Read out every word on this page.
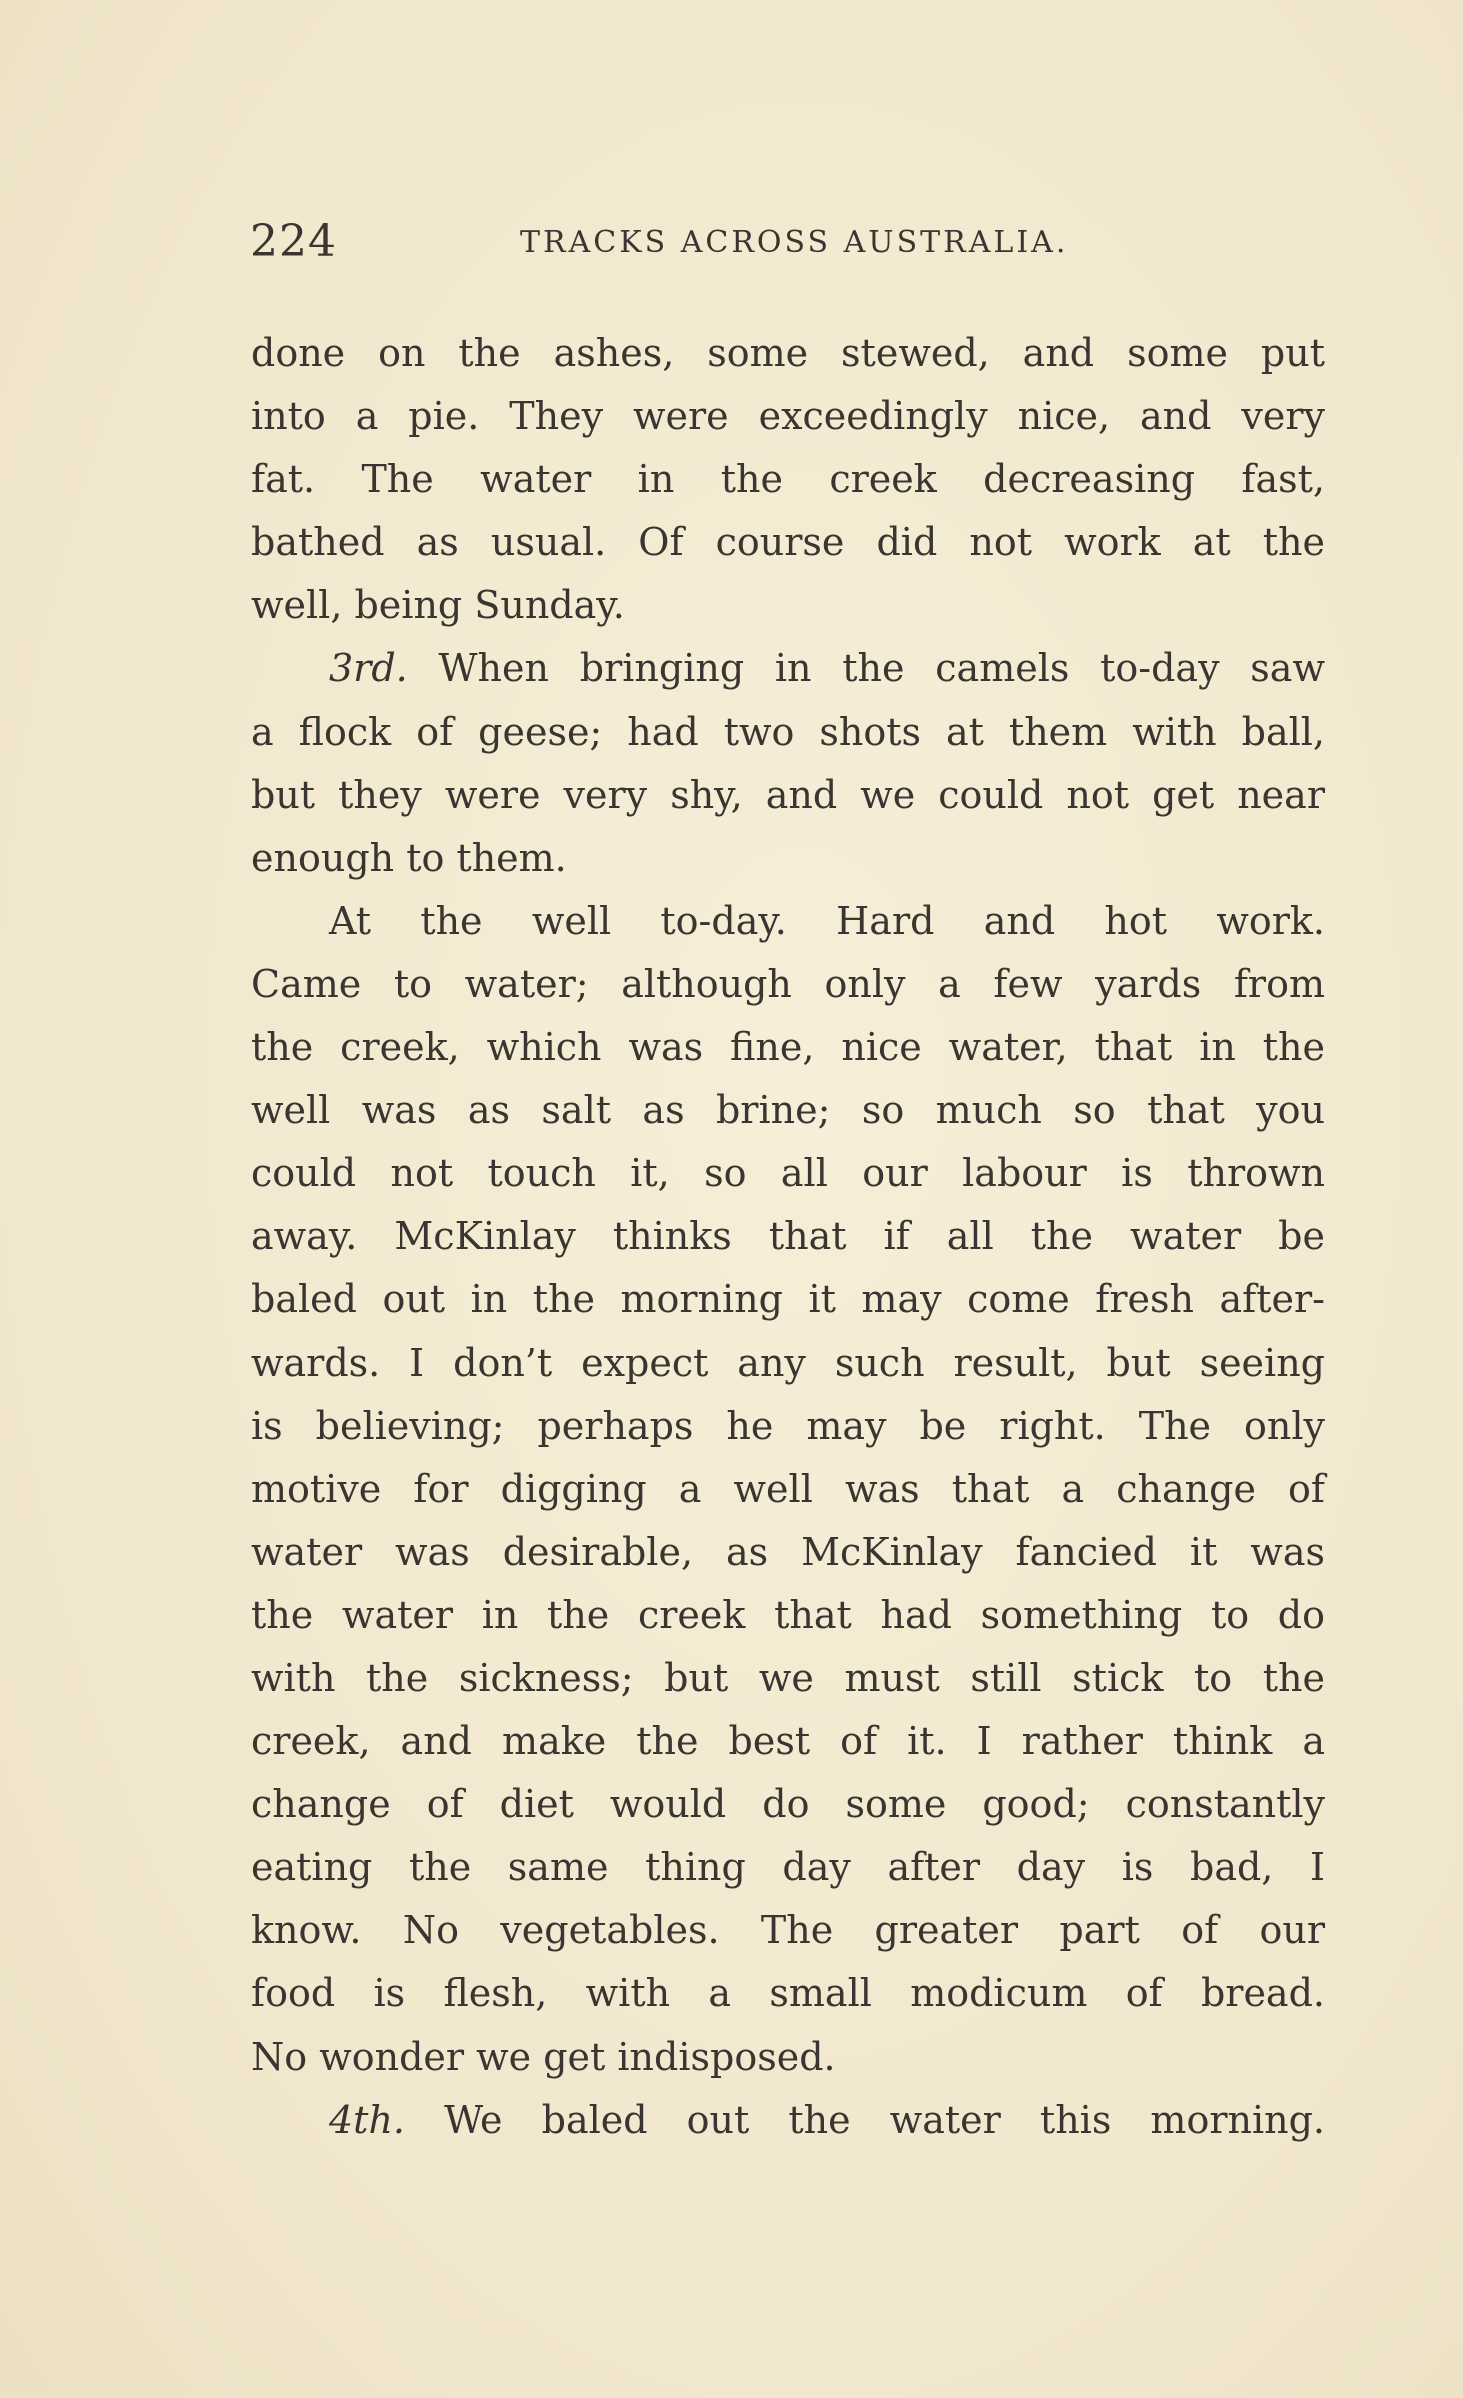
224	TRACKS ACROSS AUSTRALIA.
done on the ashes, some stewed, and some put
into a pie. They were exceedingly nice, and very
fat. The water in the creek decreasing fast,
bathed as usual. Of course did not work at the
well, being Sunday.
3rd. When bringing in the camels to-day saw
a flock of geese; had two shots at them with ball,
but they were very shy, and we could not get near
enough to them.
At the well to-day. Hard and hot work.
Came to water; although only a few yards from
the creek, which was fine, nice water, that in the
well was as salt as brine; so much so that you
could not touch it, so all our labour is thrown
away. McKinlay thinks that if all the water be
baled out in the morning it may come fresh after-
wards. I don’t expect any such result, but seeing
is believing; perhaps he may be right. The only
motive for digging a well was that a change of
water was desirable, as McKinlay fancied it was
the water in the creek that had something to do
with the sickness; but we must still stick to the
creek, and make the best of it. I rather think a
change of diet would do some good; constantly
eating the same thing day after day is bad, I
know. No vegetables. The greater part of our
food is flesh, with a small modicum of bread.
No wonder we get indisposed.
4th. We baled out the water this morning.
